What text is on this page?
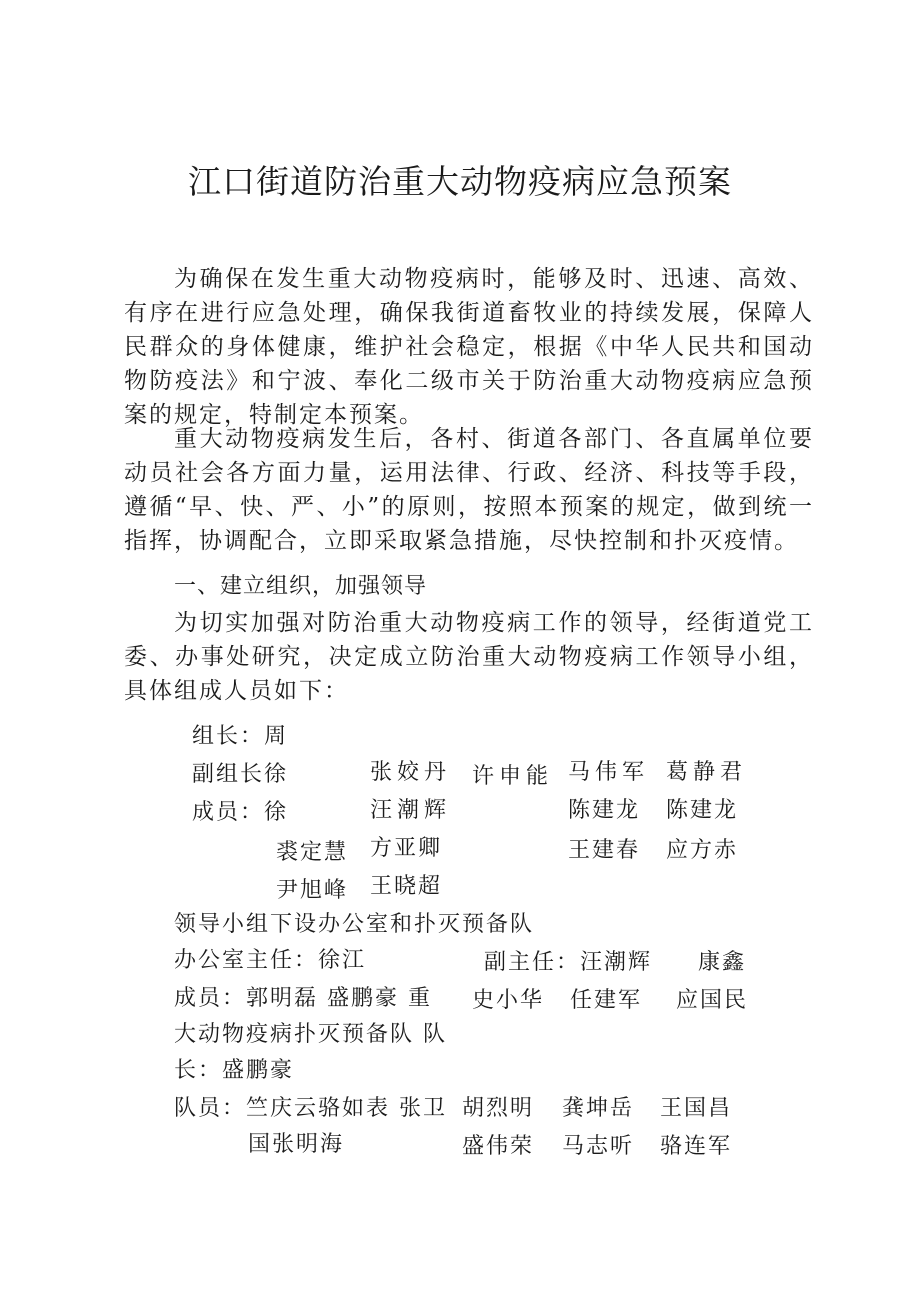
江口街道防治重大动物疫病应急预案

为确保在发生重大动物疫病时，能够及时、迅速、高效、有序在进行应急处理，确保我街道畜牧业的持续发展，保障人民群众的身体健康，维护社会稳定，根据《中华人民共和国动物防疫法》和宁波、奉化二级市关于防治重大动物疫病应急预案的规定，特制定本预案。

重大动物疫病发生后，各村、街道各部门、各直属单位要动员社会各方面力量，运用法律、行政、经济、科技等手段，遵循“早、快、严、小”的原则，按照本预案的规定，做到统一指挥，协调配合，立即采取紧急措施，尽快控制和扑灭疫情。

一、建立组织，加强领导

为切实加强对防治重大动物疫病工作的领导，经街道党工委、办事处研究，决定成立防治重大动物疫病工作领导小组，具体组成人员如下：

组长：周
副组长徐	张姣丹 许申能 马伟军 葛静君
成员：徐	汪潮辉	陈建龙 陈建龙
裘定慧 方亚卿	王建春 应方赤
尹旭峰 王晓超
领导小组下设办公室和扑灭预备队
办公室主任：徐江	副主任：汪潮辉 康鑫
成员：郭明磊 盛鹏豪 重 史小华 任建军 应国民
大动物疫病扑灭预备队 队
长：盛鹏豪
队员：竺庆云骆如表 张卫 胡烈明 龚坤岳 王国昌
国张明海	盛伟荣 马志听 骆连军
